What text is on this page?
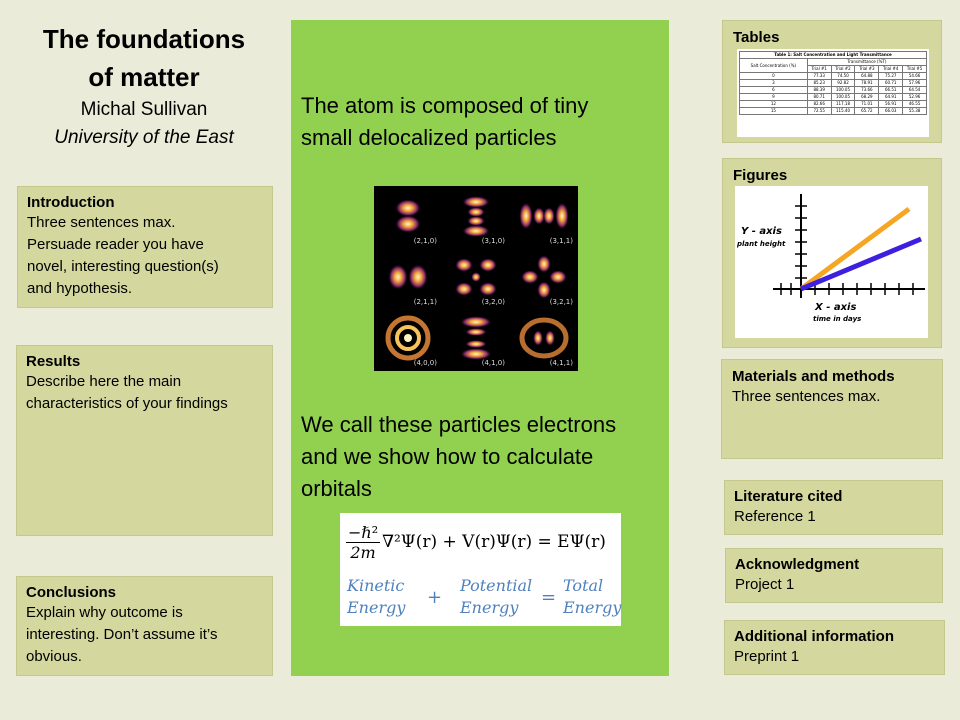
The foundations
of matter
Michal Sullivan
University of the East
Introduction

Three sentences max.
Persuade reader you have
novel, interesting question(s)
and hypothesis.

Results

Describe here the main
characteristics of your findings

Conclusions

Explain why outcome is
interesting. Don’t assume it’s
obvious.

The atom is composed of tiny
small delocalized particles

(2,1,0)	(3,1,0)	(3,1,1)
(2,1,1)	(3,2,0)	(3,2,1)
(4,0,0)	(4,1,0)	(4,1,1)

We call these particles electrons
and we show how to calculate
orbitals

$\frac{\text{−ℏ²}}{2m} \nabla^2\Psi(r) + V(r)\Psi(r) = E\Psi(r)$
Kinetic
Energy +
Potential
Energy	=
Total
Energy
Tables
Table 1: Salt Concentration and Light Transmittance					
Salt Concentration (%)	Transmittance (%T)				
	Trial #1	Trial #2	Trial #3	Trial #4	Trial #5
0	77.33	74.50	64.88	75.27	54.66
3	85.23	92.82	78.91	60.71	57.96
6	88.39	100.05	73.66	66.51	64.54
9	80.71	100.05	68.29	64.91	52.96
12	82.66	117.18	71.01	56.91	46.55
15	72.55	115.40	65.72	66.03	55.38
Figures
Y - axis
plant height
X - axis
time in days
Materials and methods

Three sentences max.

Literature cited

Reference 1

Acknowledgment

Project 1

Additional information

Preprint 1
